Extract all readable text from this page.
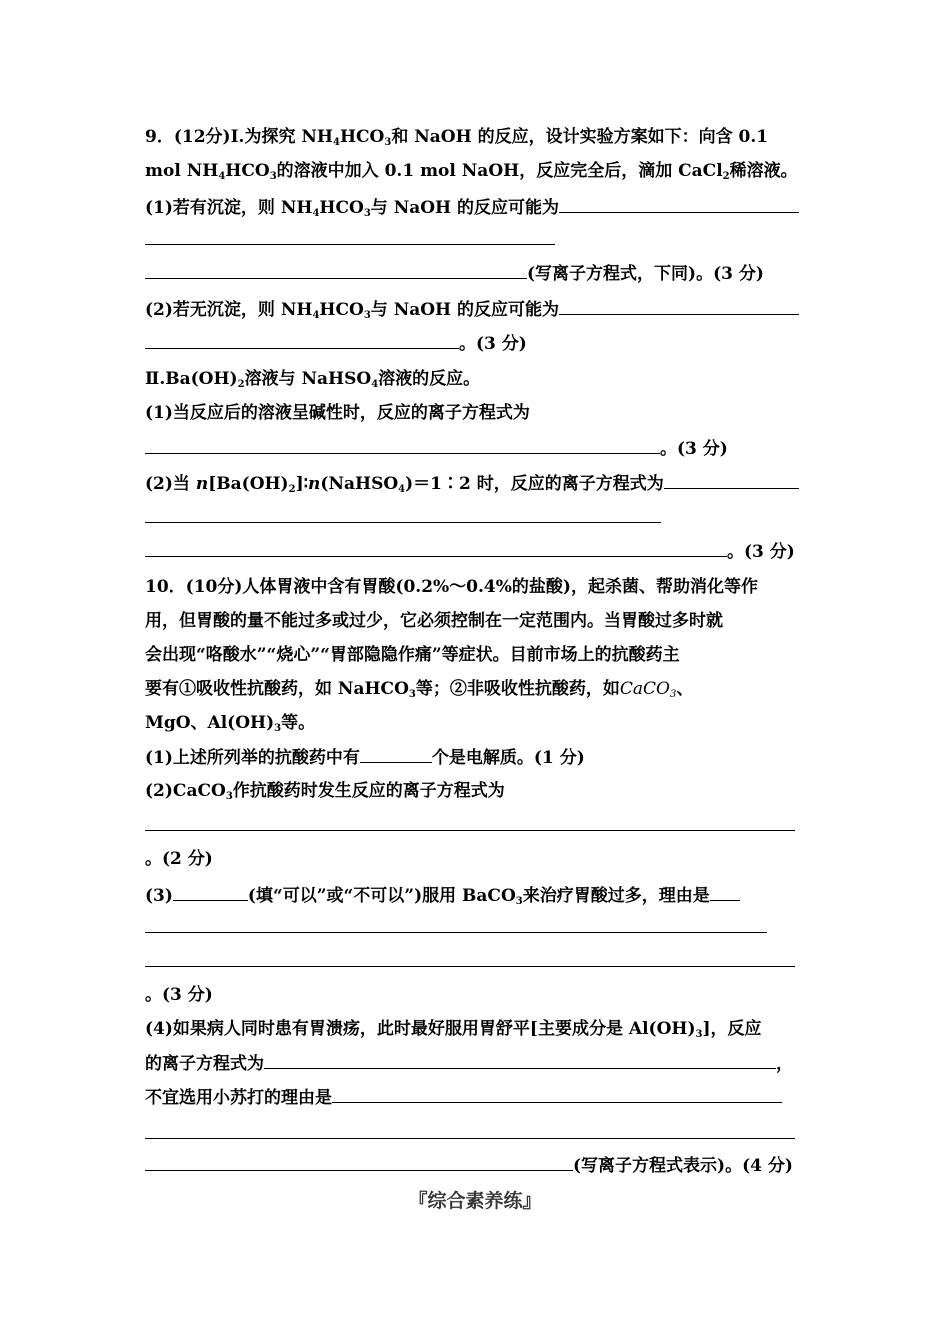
9．(12分)Ⅰ.为探究 $NH_4HCO_3$和 NaOH 的反应，设计实验方案如下：向含 0.1
mol $NH_4HCO_3$的溶液中加入 0.1 mol NaOH，反应完全后，滴加 CaCl$_2$稀溶液。
(1)若有沉淀，则 $NH_4HCO_3$与 NaOH 的反应可能为
(写离子方程式，下同)。(3 分)
(2)若无沉淀，则 $NH_4HCO_3$与 NaOH 的反应可能为
。(3 分)
$Ⅱ.Ba(OH)_2$溶液与 NaHSO$_4$溶液的反应。
(1)当反应后的溶液呈碱性时，反应的离子方程式为
。(3 分)
(2)当 $n[Ba(OH)_2]∶n(NaHSO_4)=1∶2$ 时，反应的离子方程式为
。(3 分)
10．(10分)人体胃液中含有胃酸(0.2%～0.4%的盐酸)，起杀菌、帮助消化等作
用，但胃酸的量不能过多或过少，它必须控制在一定范围内。当胃酸过多时就
会出现“咯酸水”“烧心”“胃部隐隐作痛”等症状。目前市场上的抗酸药主
要有①吸收性抗酸药，如 NaHCO$_3$等；②非吸收性抗酸药，如CaCO$_3$、
MgO、$Al(OH)_3$等。
(1)上述所列举的抗酸药中有	个是电解质。(1 分)
(2)CaCO$_3$作抗酸药时发生反应的离子方程式为
。(2 分)
(3)	(填“可以”或“不可以”)服用 BaCO$_3$来治疗胃酸过多，理由是
。(3 分)
(4)如果病人同时患有胃溃疡，此时最好服用胃舒平[主要成分是 $Al(OH)_3$]，反应
的离子方程式为	，
不宜选用小苏打的理由是
(写离子方程式表示)。(4 分)
『综合素养练』
